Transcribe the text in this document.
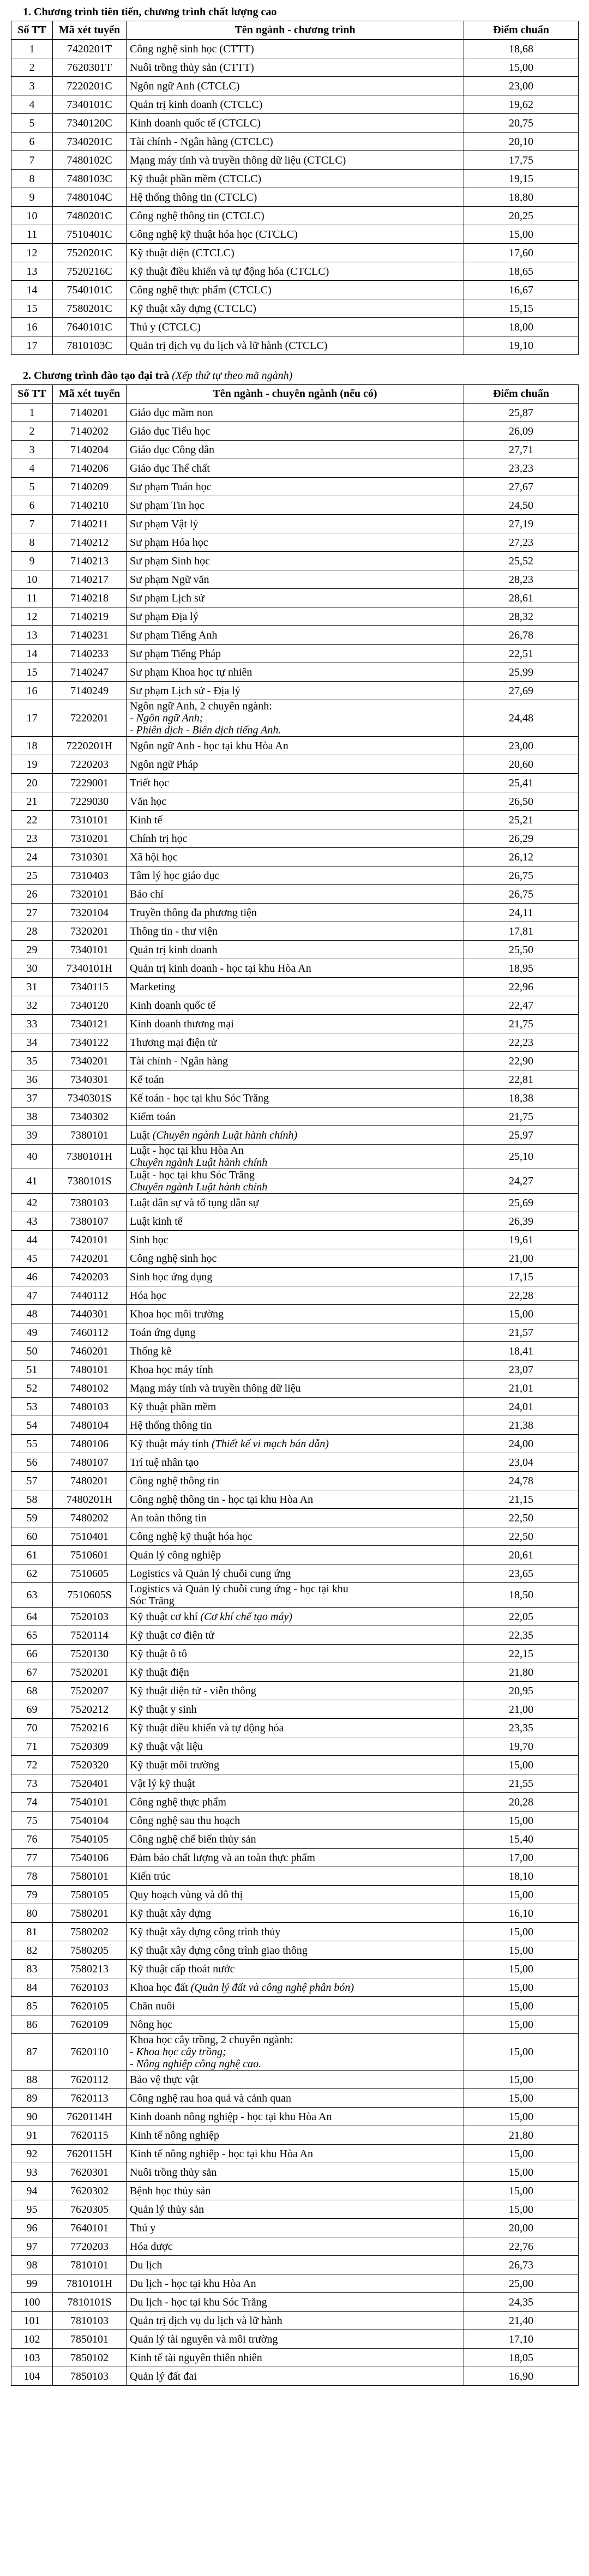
1. Chương trình tiên tiến, chương trình chất lượng cao

Số TT	Mã xét tuyển	Tên ngành - chương trình	Điểm chuẩn
1	7420201T	Công nghệ sinh học (CTTT)	18,68
2	7620301T	Nuôi trồng thủy sản (CTTT)	15,00
3	7220201C	Ngôn ngữ Anh (CTCLC)	23,00
4	7340101C	Quản trị kinh doanh (CTCLC)	19,62
5	7340120C	Kinh doanh quốc tế (CTCLC)	20,75
6	7340201C	Tài chính - Ngân hàng (CTCLC)	20,10
7	7480102C	Mạng máy tính và truyền thông dữ liệu (CTCLC)	17,75
8	7480103C	Kỹ thuật phần mềm (CTCLC)	19,15
9	7480104C	Hệ thống thông tin (CTCLC)	18,80
10	7480201C	Công nghệ thông tin (CTCLC)	20,25
11	7510401C	Công nghệ kỹ thuật hóa học (CTCLC)	15,00
12	7520201C	Kỹ thuật điện (CTCLC)	17,60
13	7520216C	Kỹ thuật điều khiển và tự động hóa (CTCLC)	18,65
14	7540101C	Công nghệ thực phẩm (CTCLC)	16,67
15	7580201C	Kỹ thuật xây dựng (CTCLC)	15,15
16	7640101C	Thú y (CTCLC)	18,00
17	7810103C	Quản trị dịch vụ du lịch và lữ hành (CTCLC)	19,10

2. Chương trình đào tạo đại trà (Xếp thứ tự theo mã ngành)

Số TT	Mã xét tuyển	Tên ngành - chuyên ngành (nếu có)	Điểm chuẩn
1	7140201	Giáo dục mầm non	25,87
2	7140202	Giáo dục Tiểu học	26,09
3	7140204	Giáo dục Công dân	27,71
4	7140206	Giáo dục Thể chất	23,23
5	7140209	Sư phạm Toán học	27,67
6	7140210	Sư phạm Tin học	24,50
7	7140211	Sư phạm Vật lý	27,19
8	7140212	Sư phạm Hóa học	27,23
9	7140213	Sư phạm Sinh học	25,52
10	7140217	Sư phạm Ngữ văn	28,23
11	7140218	Sư phạm Lịch sử	28,61
12	7140219	Sư phạm Địa lý	28,32
13	7140231	Sư phạm Tiếng Anh	26,78
14	7140233	Sư phạm Tiếng Pháp	22,51
15	7140247	Sư phạm Khoa học tự nhiên	25,99
16	7140249	Sư phạm Lịch sử - Địa lý	27,69
17	7220201	Ngôn ngữ Anh, 2 chuyên ngành:
- Ngôn ngữ Anh;
- Phiên dịch - Biên dịch tiếng Anh.	24,48
18	7220201H	Ngôn ngữ Anh - học tại khu Hòa An	23,00
19	7220203	Ngôn ngữ Pháp	20,60
20	7229001	Triết học	25,41
21	7229030	Văn học	26,50
22	7310101	Kinh tế	25,21
23	7310201	Chính trị học	26,29
24	7310301	Xã hội học	26,12
25	7310403	Tâm lý học giáo dục	26,75
26	7320101	Báo chí	26,75
27	7320104	Truyền thông đa phương tiện	24,11
28	7320201	Thông tin - thư viện	17,81
29	7340101	Quản trị kinh doanh	25,50
30	7340101H	Quản trị kinh doanh - học tại khu Hòa An	18,95
31	7340115	Marketing	22,96
32	7340120	Kinh doanh quốc tế	22,47
33	7340121	Kinh doanh thương mại	21,75
34	7340122	Thương mại điện tử	22,23
35	7340201	Tài chính - Ngân hàng	22,90
36	7340301	Kế toán	22,81
37	7340301S	Kế toán - học tại khu Sóc Trăng	18,38
38	7340302	Kiểm toán	21,75
39	7380101	Luật (Chuyên ngành Luật hành chính)	25,97
40	7380101H	Luật - học tại khu Hòa An
Chuyên ngành Luật hành chính	25,10
41	7380101S	Luật - học tại khu Sóc Trăng
Chuyên ngành Luật hành chính	24,27
42	7380103	Luật dân sự và tố tụng dân sự	25,69
43	7380107	Luật kinh tế	26,39
44	7420101	Sinh học	19,61
45	7420201	Công nghệ sinh học	21,00
46	7420203	Sinh học ứng dụng	17,15
47	7440112	Hóa học	22,28
48	7440301	Khoa học môi trường	15,00
49	7460112	Toán ứng dụng	21,57
50	7460201	Thống kê	18,41
51	7480101	Khoa học máy tính	23,07
52	7480102	Mạng máy tính và truyền thông dữ liệu	21,01
53	7480103	Kỹ thuật phần mềm	24,01
54	7480104	Hệ thống thông tin	21,38
55	7480106	Kỹ thuật máy tính (Thiết kế vi mạch bán dẫn)	24,00
56	7480107	Trí tuệ nhân tạo	23,04
57	7480201	Công nghệ thông tin	24,78
58	7480201H	Công nghệ thông tin - học tại khu Hòa An	21,15
59	7480202	An toàn thông tin	22,50
60	7510401	Công nghệ kỹ thuật hóa học	22,50
61	7510601	Quản lý công nghiệp	20,61
62	7510605	Logistics và Quản lý chuỗi cung ứng	23,65
63	7510605S	Logistics và Quản lý chuỗi cung ứng - học tại khu
Sóc Trăng	18,50
64	7520103	Kỹ thuật cơ khí (Cơ khí chế tạo máy)	22,05
65	7520114	Kỹ thuật cơ điện tử	22,35
66	7520130	Kỹ thuật ô tô	22,15
67	7520201	Kỹ thuật điện	21,80
68	7520207	Kỹ thuật điện tử - viễn thông	20,95
69	7520212	Kỹ thuật y sinh	21,00
70	7520216	Kỹ thuật điều khiển và tự động hóa	23,35
71	7520309	Kỹ thuật vật liệu	19,70
72	7520320	Kỹ thuật môi trường	15,00
73	7520401	Vật lý kỹ thuật	21,55
74	7540101	Công nghệ thực phẩm	20,28
75	7540104	Công nghệ sau thu hoạch	15,00
76	7540105	Công nghệ chế biến thủy sản	15,40
77	7540106	Đảm bảo chất lượng và an toàn thực phẩm	17,00
78	7580101	Kiến trúc	18,10
79	7580105	Quy hoạch vùng và đô thị	15,00
80	7580201	Kỹ thuật xây dựng	16,10
81	7580202	Kỹ thuật xây dựng công trình thủy	15,00
82	7580205	Kỹ thuật xây dựng công trình giao thông	15,00
83	7580213	Kỹ thuật cấp thoát nước	15,00
84	7620103	Khoa học đất (Quản lý đất và công nghệ phân bón)	15,00
85	7620105	Chăn nuôi	15,00
86	7620109	Nông học	15,00
87	7620110	Khoa học cây trồng, 2 chuyên ngành:
- Khoa học cây trồng;
- Nông nghiệp công nghệ cao.	15,00
88	7620112	Bảo vệ thực vật	15,00
89	7620113	Công nghệ rau hoa quả và cảnh quan	15,00
90	7620114H	Kinh doanh nông nghiệp - học tại khu Hòa An	15,00
91	7620115	Kinh tế nông nghiệp	21,80
92	7620115H	Kinh tế nông nghiệp - học tại khu Hòa An	15,00
93	7620301	Nuôi trồng thủy sản	15,00
94	7620302	Bệnh học thủy sản	15,00
95	7620305	Quản lý thủy sản	15,00
96	7640101	Thú y	20,00
97	7720203	Hóa dược	22,76
98	7810101	Du lịch	26,73
99	7810101H	Du lịch - học tại khu Hòa An	25,00
100	7810101S	Du lịch - học tại khu Sóc Trăng	24,35
101	7810103	Quản trị dịch vụ du lịch và lữ hành	21,40
102	7850101	Quản lý tài nguyên và môi trường	17,10
103	7850102	Kinh tế tài nguyên thiên nhiên	18,05
104	7850103	Quản lý đất đai	16,90
